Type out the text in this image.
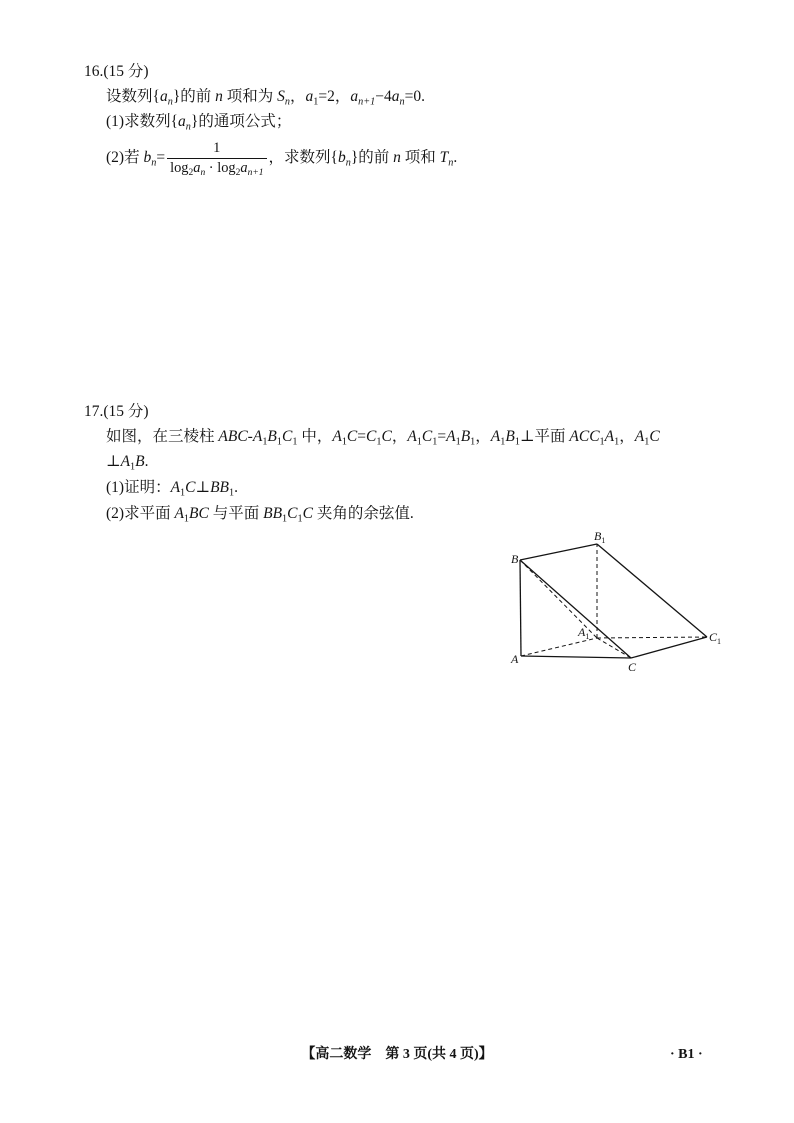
16.(15 分)
设数列$\{a_n\}$的前 n 项和为 $S_n$，$a_1=2$，$a_{n+1}-4a_n=0$.
(1)求数列$\{a_n\}$的通项公式；
(2)若 $b_n= \frac{1}{\log_2a_n \cdot \log_2a_{n+1}}$ ，求数列$\{b_n\}$的前 n 项和 $T_n$.
17.(15 分)
如图，在三棱柱 ABC-$A_1B_1C_1$ 中，$A_1C=C_1C$，$A_1C_1=A_1B_1$，$A_1B_1\perp$平面 $ACC_1A_1$，$A_1C$
$\perp A_1B$.
(1)证明：$A_1C\perp BB_1$.
(2)求平面 $A_1BC$ 与平面 $BB_1C_1C$ 夹角的余弦值.
B
$B_1$
A
$A_1$
C
$C_1$
【高二数学　第 3 页(共 4 页)】	· B1 ·
